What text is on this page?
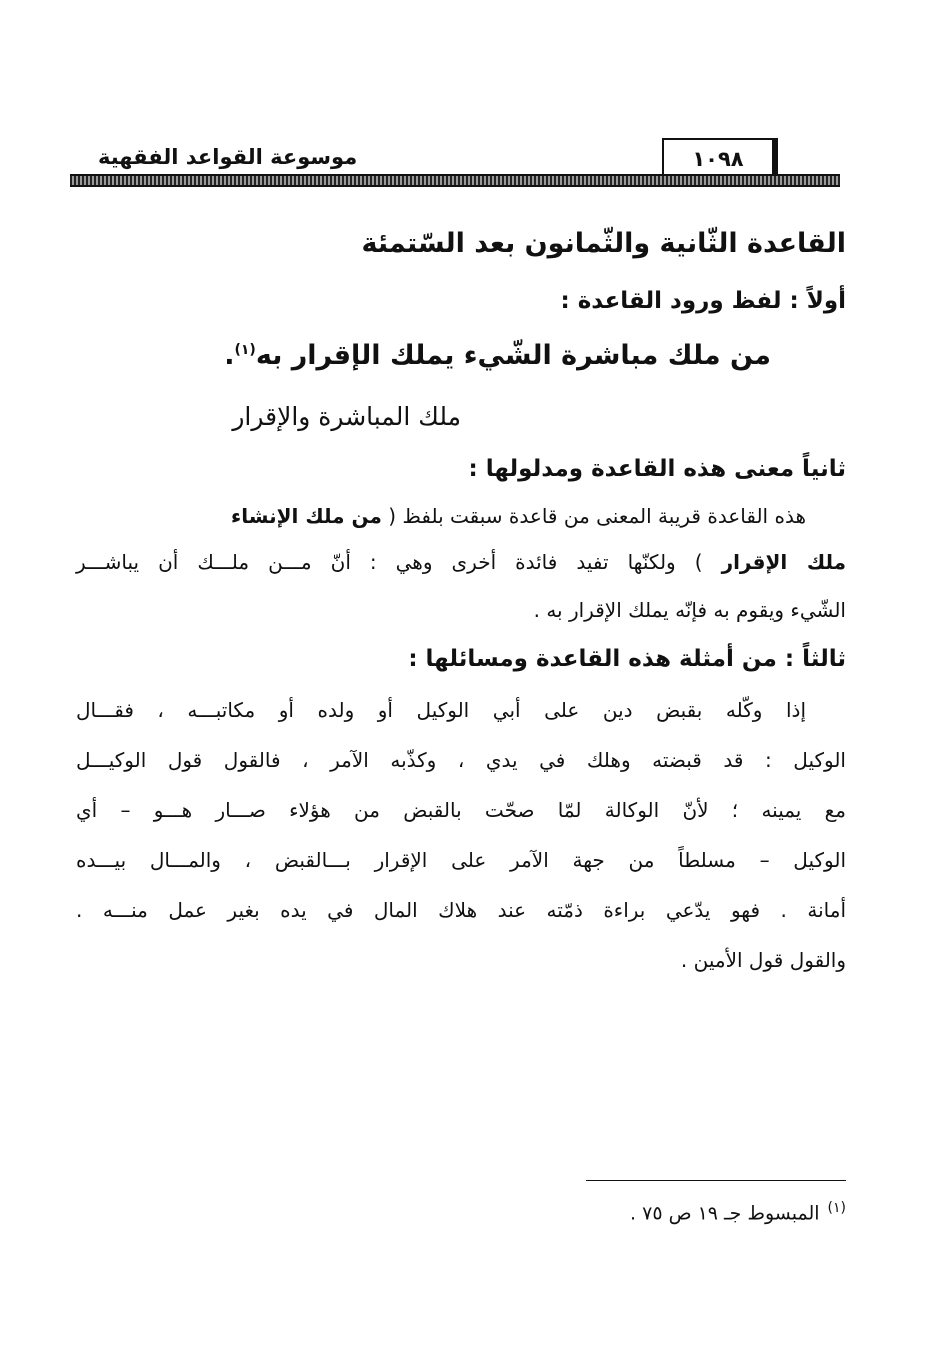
١٠٩٨
موسوعة القواعد الفقهية
القاعدة الثّانية والثّمانون بعد السّتمئة
أولاً : لفظ ورود القاعدة :
من ملك مباشرة الشّيء يملك الإقرار به$^{(١)}$.
ملك المباشرة والإقرار
ثانياً معنى هذه القاعدة ومدلولها :
هذه القاعدة قريبة المعنى من قاعدة سبقت بلفظ ( من ملك الإنشاء
ملك الإقرار ) ولكنّها تفيد فائدة أخرى وهي : أنّ مـــن ملـــك أن يباشـــر
الشّيء ويقوم به فإنّه يملك الإقرار به .
ثالثاً : من أمثلة هذه القاعدة ومسائلها :
إذا وكّله بقبض دين على أبي الوكيل أو ولده أو مكاتبـــه ، فقـــال
الوكيل : قد قبضته وهلك في يدي ، وكذّبه الآمر ، فالقول قول الوكيـــل
مع يمينه ؛ لأنّ الوكالة لمّا صحّت بالقبض من هؤلاء صـــار هـــو – أي
الوكيل – مسلطاً من جهة الآمر على الإقرار بـــالقبض ، والمـــال بيـــده
أمانة . فهو يدّعي براءة ذمّته عند هلاك المال في يده بغير عمل منـــه .
والقول قول الأمين .
$^{(١)}$المبسوط جـ ١٩ ص ٧٥ .
